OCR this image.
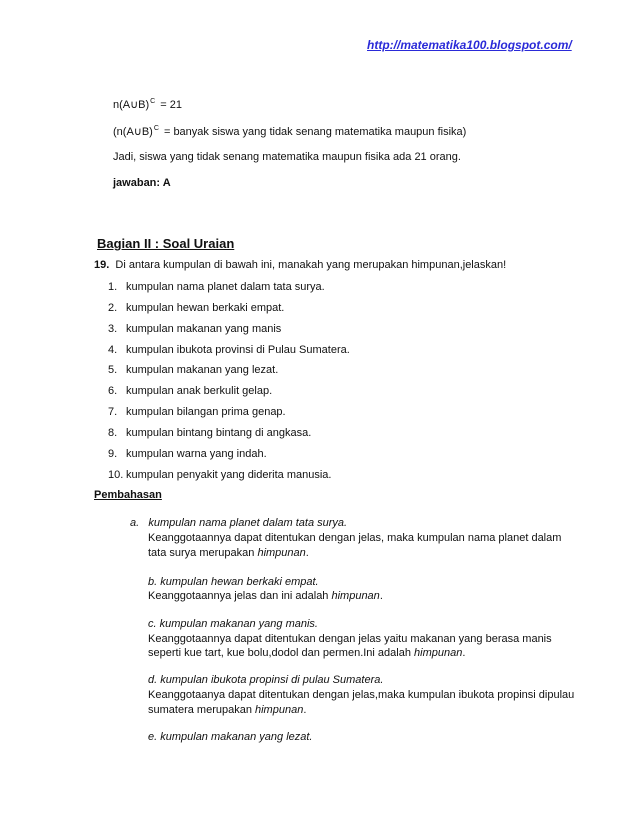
http://matematika100.blogspot.com/
n(A∪B)$^C$ = 21
(n(A∪B)$^C$ = banyak siswa yang tidak senang matematika maupun fisika)
Jadi, siswa yang tidak senang matematika maupun fisika ada 21 orang.
jawaban: A
Bagian II : Soal Uraian
19. Di antara kumpulan di bawah ini, manakah yang merupakan himpunan,jelaskan!
1. kumpulan nama planet dalam tata surya.
2. kumpulan hewan berkaki empat.
3. kumpulan makanan yang manis
4. kumpulan ibukota provinsi di Pulau Sumatera.
5. kumpulan makanan yang lezat.
6. kumpulan anak berkulit gelap.
7. kumpulan bilangan prima genap.
8. kumpulan bintang bintang di angkasa.
9. kumpulan warna yang indah.
10. kumpulan penyakit yang diderita manusia.
Pembahasan
a. kumpulan nama planet dalam tata surya.
Keanggotaannya dapat ditentukan dengan jelas, maka kumpulan nama planet dalam
tata surya merupakan himpunan.
b. kumpulan hewan berkaki empat.
Keanggotaannya jelas dan ini adalah himpunan.
c. kumpulan makanan yang manis.
Keanggotaannya dapat ditentukan dengan jelas yaitu makanan yang berasa manis
seperti kue tart, kue bolu,dodol dan permen.Ini adalah himpunan.
d. kumpulan ibukota propinsi di pulau Sumatera.
Keanggotaanya dapat ditentukan dengan jelas,maka kumpulan ibukota propinsi dipulau
sumatera merupakan himpunan.
e. kumpulan makanan yang lezat.
